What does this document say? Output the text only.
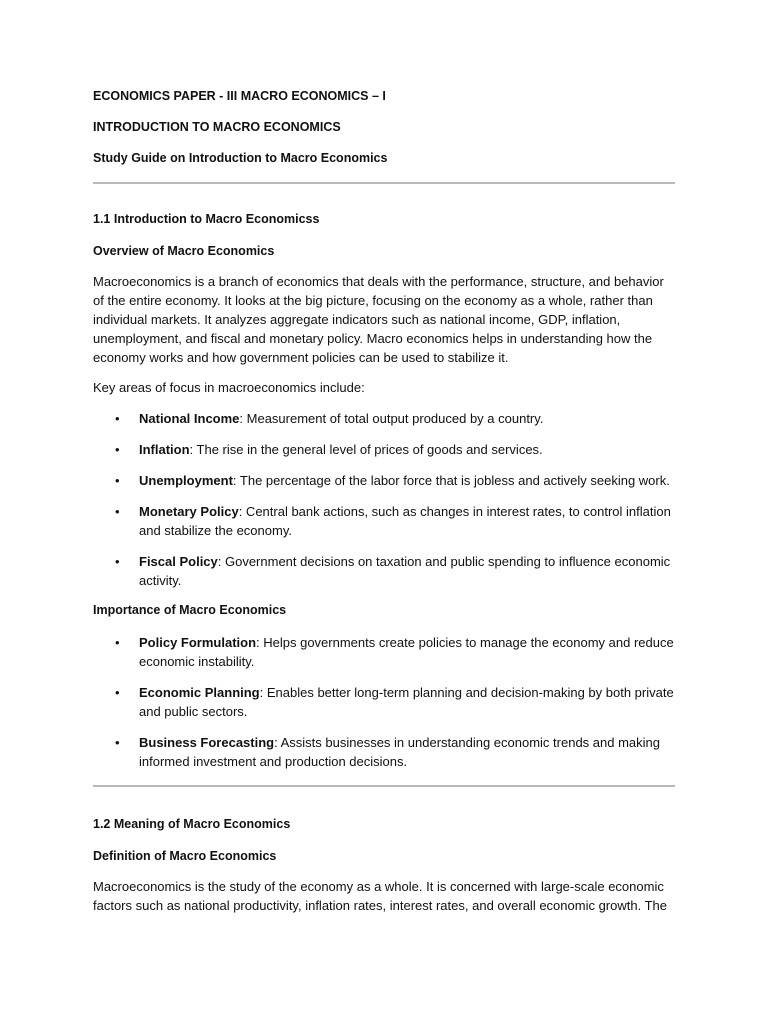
ECONOMICS PAPER - III MACRO ECONOMICS – I

INTRODUCTION TO MACRO ECONOMICS

Study Guide on Introduction to Macro Economics

1.1 Introduction to Macro Economicss

Overview of Macro Economics

Macroeconomics is a branch of economics that deals with the performance, structure, and behavior of the entire economy. It looks at the big picture, focusing on the economy as a whole, rather than individual markets. It analyzes aggregate indicators such as national income, GDP, inflation, unemployment, and fiscal and monetary policy. Macro economics helps in understanding how the economy works and how government policies can be used to stabilize it.

Key areas of focus in macroeconomics include:

• National Income: Measurement of total output produced by a country.
• Inflation: The rise in the general level of prices of goods and services.
• Unemployment: The percentage of the labor force that is jobless and actively seeking work.
• Monetary Policy: Central bank actions, such as changes in interest rates, to control inflation and stabilize the economy.
• Fiscal Policy: Government decisions on taxation and public spending to influence economic activity.

Importance of Macro Economics

• Policy Formulation: Helps governments create policies to manage the economy and reduce economic instability.
• Economic Planning: Enables better long-term planning and decision-making by both private and public sectors.
• Business Forecasting: Assists businesses in understanding economic trends and making informed investment and production decisions.

1.2 Meaning of Macro Economics

Definition of Macro Economics

Macroeconomics is the study of the economy as a whole. It is concerned with large-scale economic factors such as national productivity, inflation rates, interest rates, and overall economic growth. The
